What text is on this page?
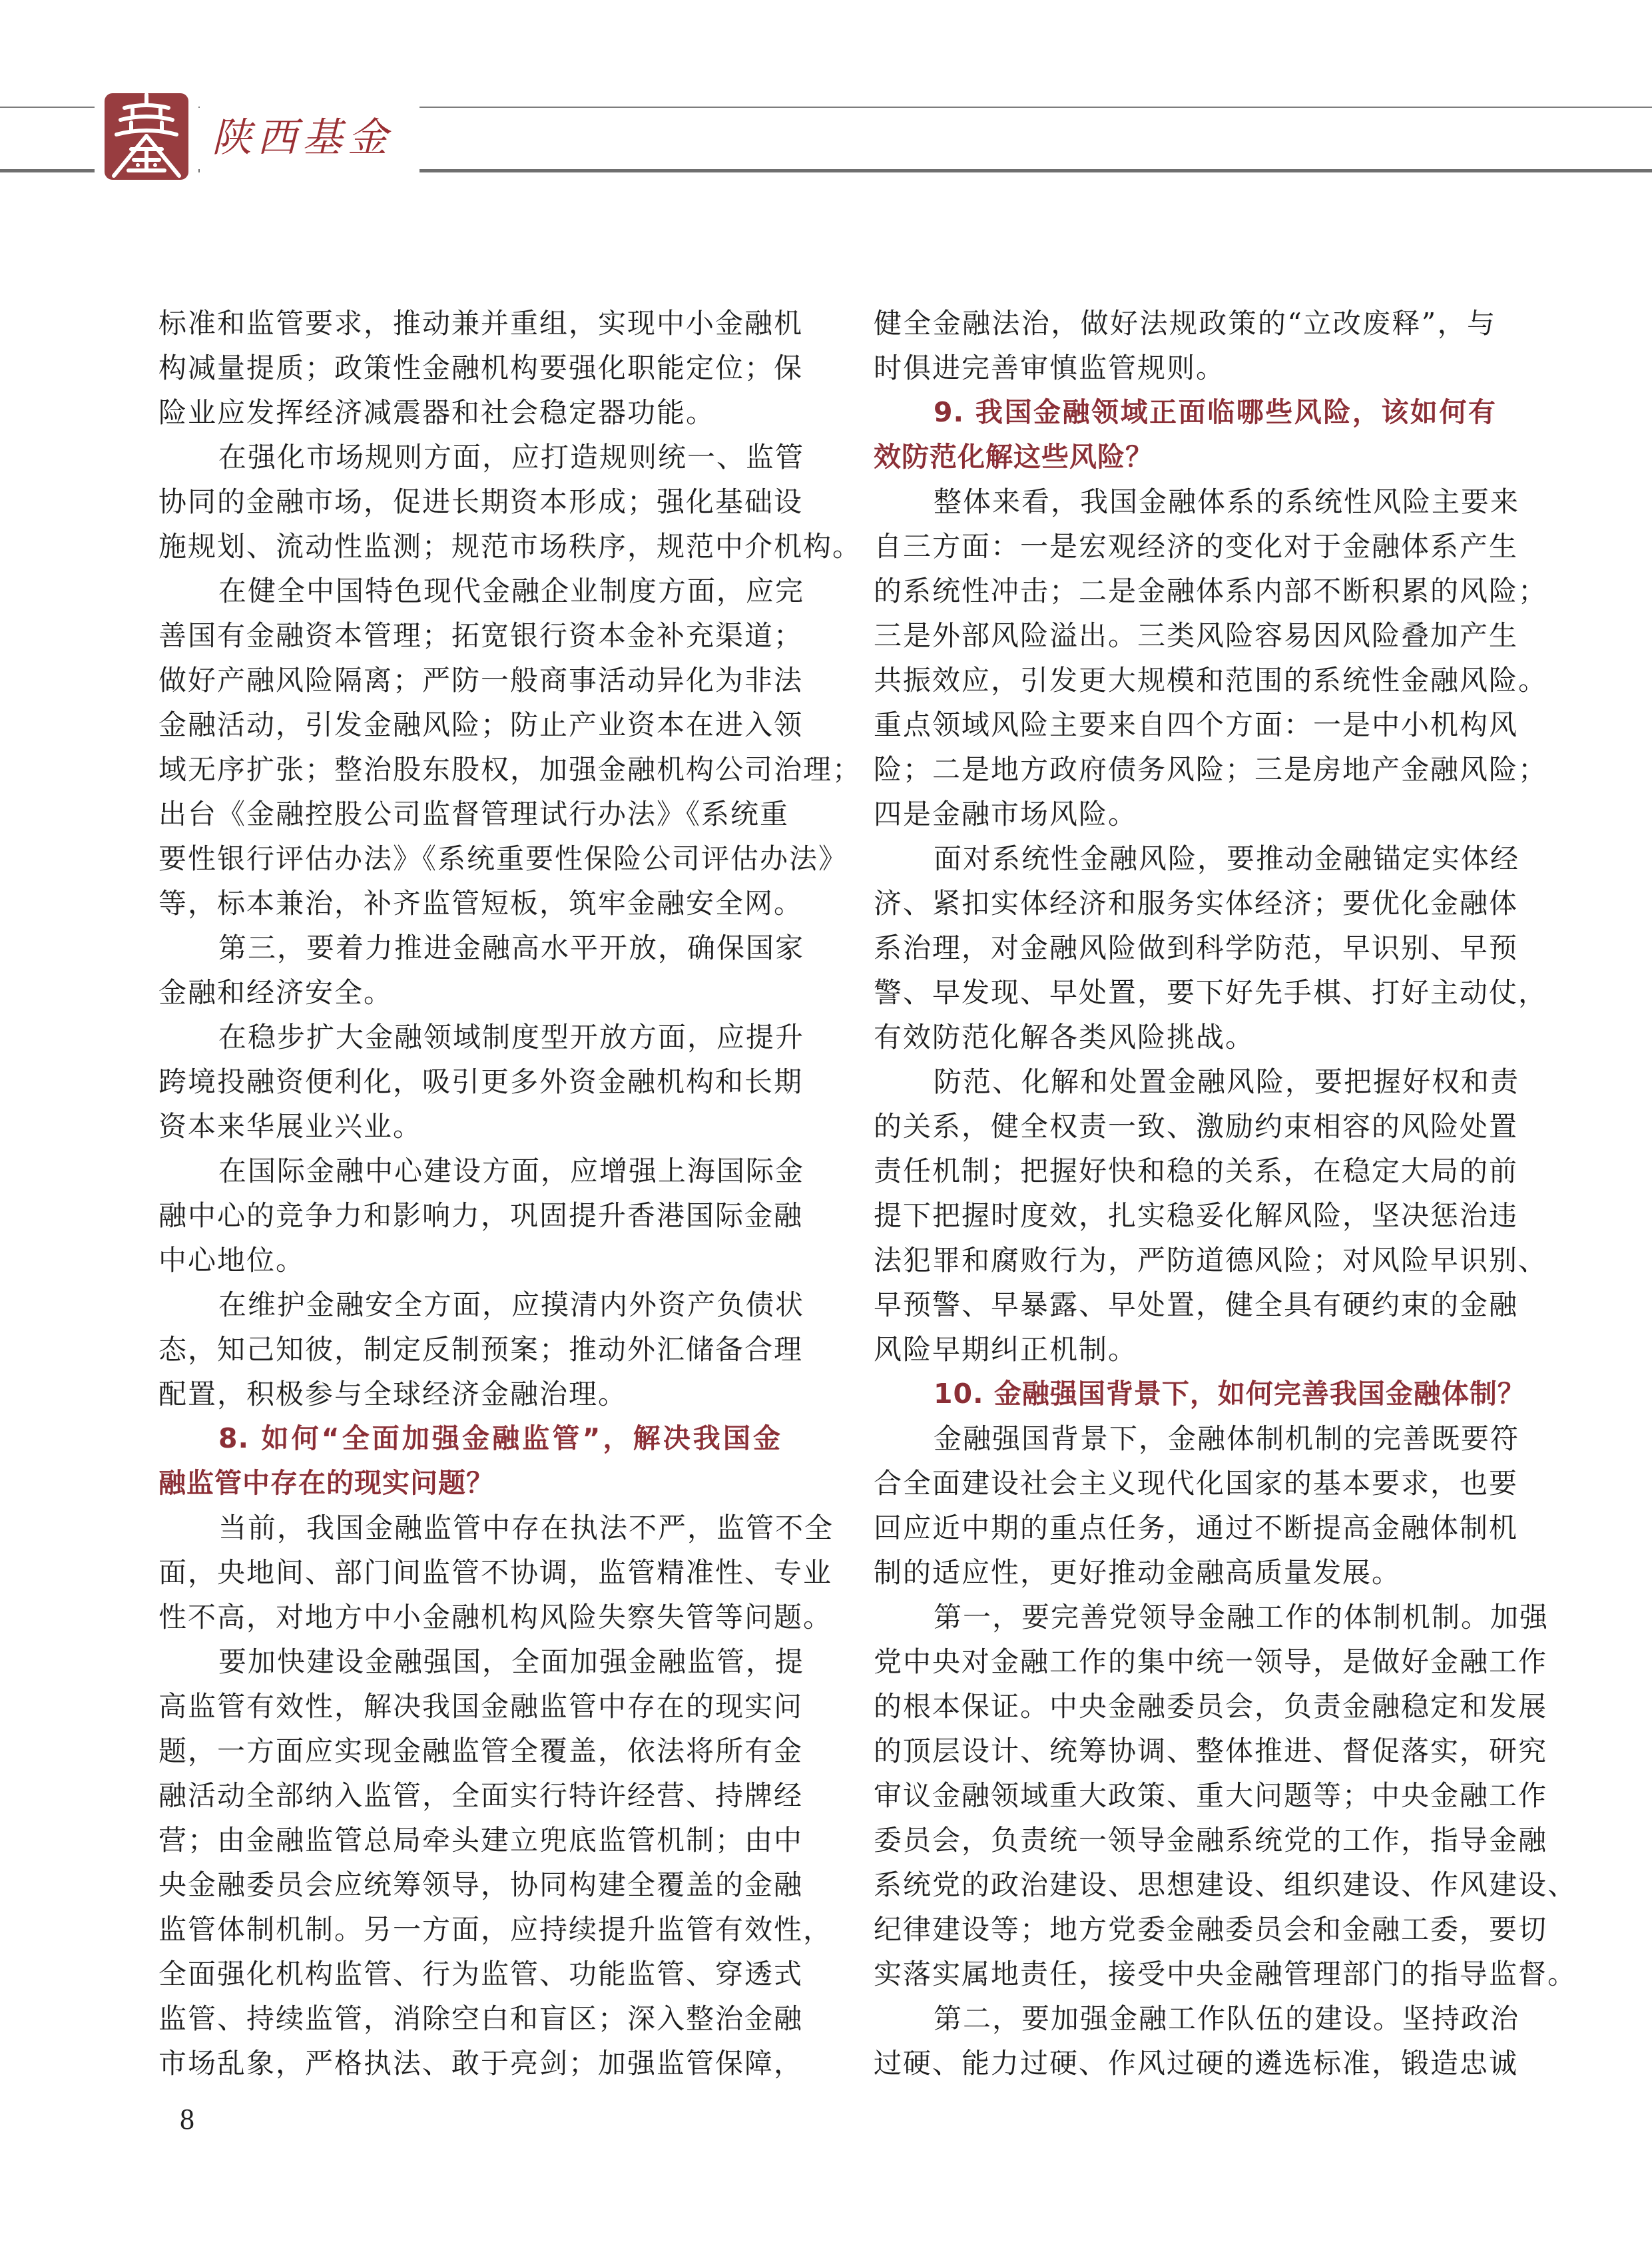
陕西基金
标准和监管要求，推动兼并重组，实现中小金融机
构减量提质；政策性金融机构要强化职能定位；保
险业应发挥经济减震器和社会稳定器功能。
在强化市场规则方面，应打造规则统一、监管
协同的金融市场，促进长期资本形成；强化基础设
施规划、流动性监测；规范市场秩序，规范中介机构。
在健全中国特色现代金融企业制度方面，应完
善国有金融资本管理；拓宽银行资本金补充渠道；
做好产融风险隔离；严防一般商事活动异化为非法
金融活动，引发金融风险；防止产业资本在进入领
域无序扩张；整治股东股权，加强金融机构公司治理；
出台《金融控股公司监督管理试行办法》《系统重
要性银行评估办法》《系统重要性保险公司评估办法》
等，标本兼治，补齐监管短板，筑牢金融安全网。
第三，要着力推进金融高水平开放，确保国家
金融和经济安全。
在稳步扩大金融领域制度型开放方面，应提升
跨境投融资便利化，吸引更多外资金融机构和长期
资本来华展业兴业。
在国际金融中心建设方面，应增强上海国际金
融中心的竞争力和影响力，巩固提升香港国际金融
中心地位。
在维护金融安全方面，应摸清内外资产负债状
态，知己知彼，制定反制预案；推动外汇储备合理
配置，积极参与全球经济金融治理。
8. 如何“全面加强金融监管”，解决我国金
融监管中存在的现实问题？
当前，我国金融监管中存在执法不严，监管不全
面，央地间、部门间监管不协调，监管精准性、专业
性不高，对地方中小金融机构风险失察失管等问题。
要加快建设金融强国，全面加强金融监管，提
高监管有效性，解决我国金融监管中存在的现实问
题，一方面应实现金融监管全覆盖，依法将所有金
融活动全部纳入监管，全面实行特许经营、持牌经
营；由金融监管总局牵头建立兜底监管机制；由中
央金融委员会应统筹领导，协同构建全覆盖的金融
监管体制机制。另一方面，应持续提升监管有效性，
全面强化机构监管、行为监管、功能监管、穿透式
监管、持续监管，消除空白和盲区；深入整治金融
市场乱象，严格执法、敢于亮剑；加强监管保障，
健全金融法治，做好法规政策的“立改废释”，与
时俱进完善审慎监管规则。
9. 我国金融领域正面临哪些风险，该如何有
效防范化解这些风险？
整体来看，我国金融体系的系统性风险主要来
自三方面：一是宏观经济的变化对于金融体系产生
的系统性冲击；二是金融体系内部不断积累的风险；
三是外部风险溢出。三类风险容易因风险叠加产生
共振效应，引发更大规模和范围的系统性金融风险。
重点领域风险主要来自四个方面：一是中小机构风
险；二是地方政府债务风险；三是房地产金融风险；
四是金融市场风险。
面对系统性金融风险，要推动金融锚定实体经
济、紧扣实体经济和服务实体经济；要优化金融体
系治理，对金融风险做到科学防范，早识别、早预
警、早发现、早处置，要下好先手棋、打好主动仗，
有效防范化解各类风险挑战。
防范、化解和处置金融风险，要把握好权和责
的关系，健全权责一致、激励约束相容的风险处置
责任机制；把握好快和稳的关系，在稳定大局的前
提下把握时度效，扎实稳妥化解风险，坚决惩治违
法犯罪和腐败行为，严防道德风险；对风险早识别、
早预警、早暴露、早处置，健全具有硬约束的金融
风险早期纠正机制。
10. 金融强国背景下，如何完善我国金融体制？
金融强国背景下，金融体制机制的完善既要符
合全面建设社会主义现代化国家的基本要求，也要
回应近中期的重点任务，通过不断提高金融体制机
制的适应性，更好推动金融高质量发展。
第一，要完善党领导金融工作的体制机制。加强
党中央对金融工作的集中统一领导，是做好金融工作
的根本保证。中央金融委员会，负责金融稳定和发展
的顶层设计、统筹协调、整体推进、督促落实，研究
审议金融领域重大政策、重大问题等；中央金融工作
委员会，负责统一领导金融系统党的工作，指导金融
系统党的政治建设、思想建设、组织建设、作风建设、
纪律建设等；地方党委金融委员会和金融工委，要切
实落实属地责任，接受中央金融管理部门的指导监督。
第二，要加强金融工作队伍的建设。坚持政治
过硬、能力过硬、作风过硬的遴选标准，锻造忠诚
8
